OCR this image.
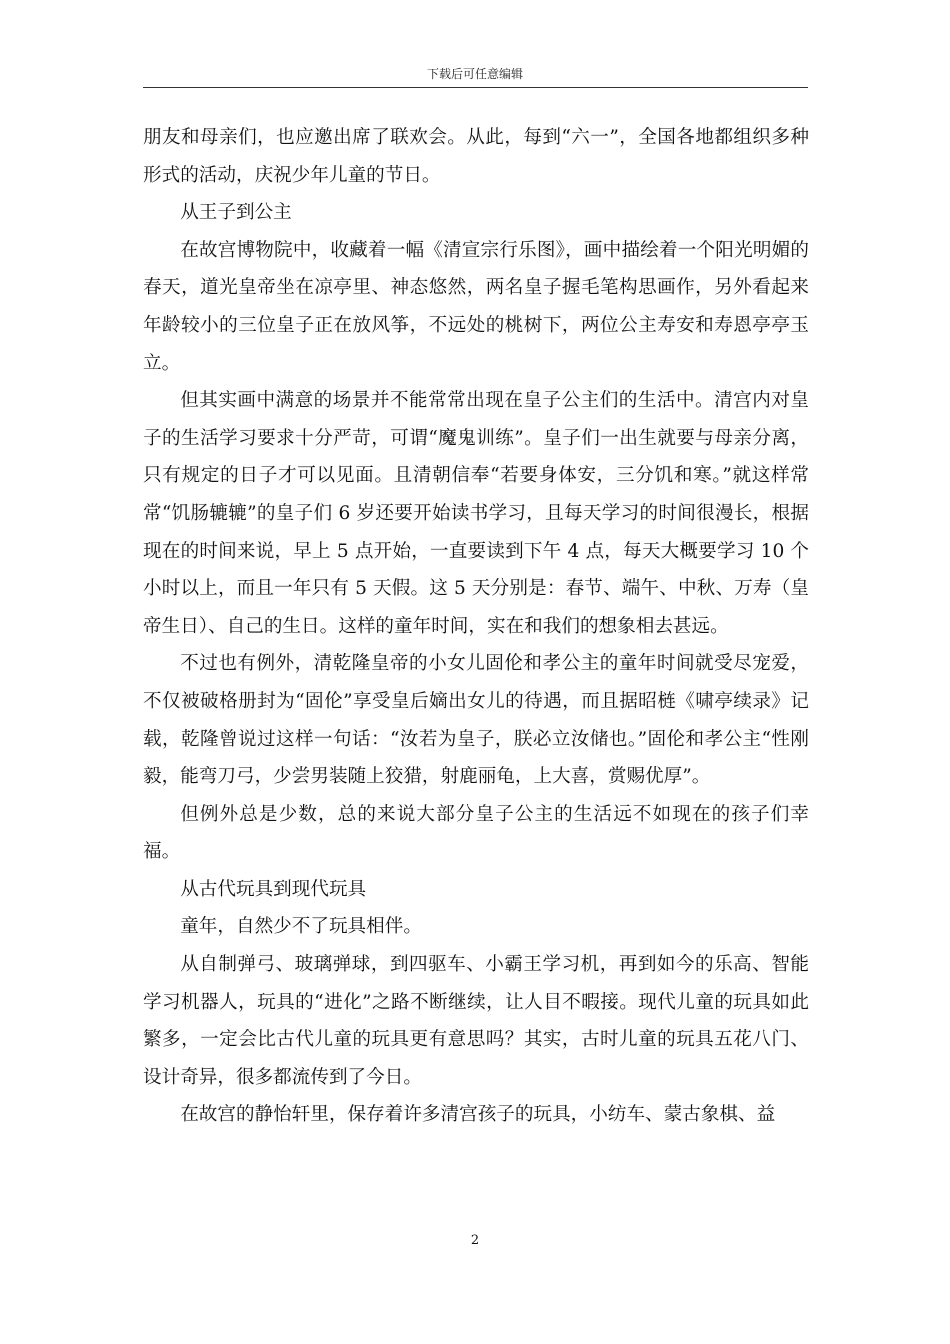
下载后可任意编辑

朋友和母亲们，也应邀出席了联欢会。从此，每到“六一”，全国各地都组织多种形式的活动，庆祝少年儿童的节日。

从王子到公主

在故宫博物院中，收藏着一幅《清宣宗行乐图》，画中描绘着一个阳光明媚的春天，道光皇帝坐在凉亭里、神态悠然，两名皇子握毛笔构思画作，另外看起来年龄较小的三位皇子正在放风筝，不远处的桃树下，两位公主寿安和寿恩亭亭玉立。

但其实画中满意的场景并不能常常出现在皇子公主们的生活中。清宫内对皇子的生活学习要求十分严苛，可谓“魔鬼训练”。皇子们一出生就要与母亲分离，只有规定的日子才可以见面。且清朝信奉“若要身体安，三分饥和寒。”就这样常常“饥肠辘辘”的皇子们 6 岁还要开始读书学习，且每天学习的时间很漫长，根据现在的时间来说，早上 5 点开始，一直要读到下午 4 点，每天大概要学习 10 个小时以上，而且一年只有 5 天假。这 5 天分别是：春节、端午、中秋、万寿（皇帝生日）、自己的生日。这样的童年时间，实在和我们的想象相去甚远。

不过也有例外，清乾隆皇帝的小女儿固伦和孝公主的童年时间就受尽宠爱，不仅被破格册封为“固伦”享受皇后嫡出女儿的待遇，而且据昭梿《啸亭续录》记载，乾隆曾说过这样一句话：“汝若为皇子，朕必立汝储也。”固伦和孝公主“性刚毅，能弯刀弓，少尝男装随上狡猎，射鹿丽龟，上大喜，赏赐优厚”。

但例外总是少数，总的来说大部分皇子公主的生活远不如现在的孩子们幸福。

从古代玩具到现代玩具

童年，自然少不了玩具相伴。

从自制弹弓、玻璃弹球，到四驱车、小霸王学习机，再到如今的乐高、智能学习机器人，玩具的“进化”之路不断继续，让人目不暇接。现代儿童的玩具如此繁多，一定会比古代儿童的玩具更有意思吗？其实，古时儿童的玩具五花八门、设计奇异，很多都流传到了今日。

在故宫的静怡轩里，保存着许多清宫孩子的玩具，小纺车、蒙古象棋、益

2
